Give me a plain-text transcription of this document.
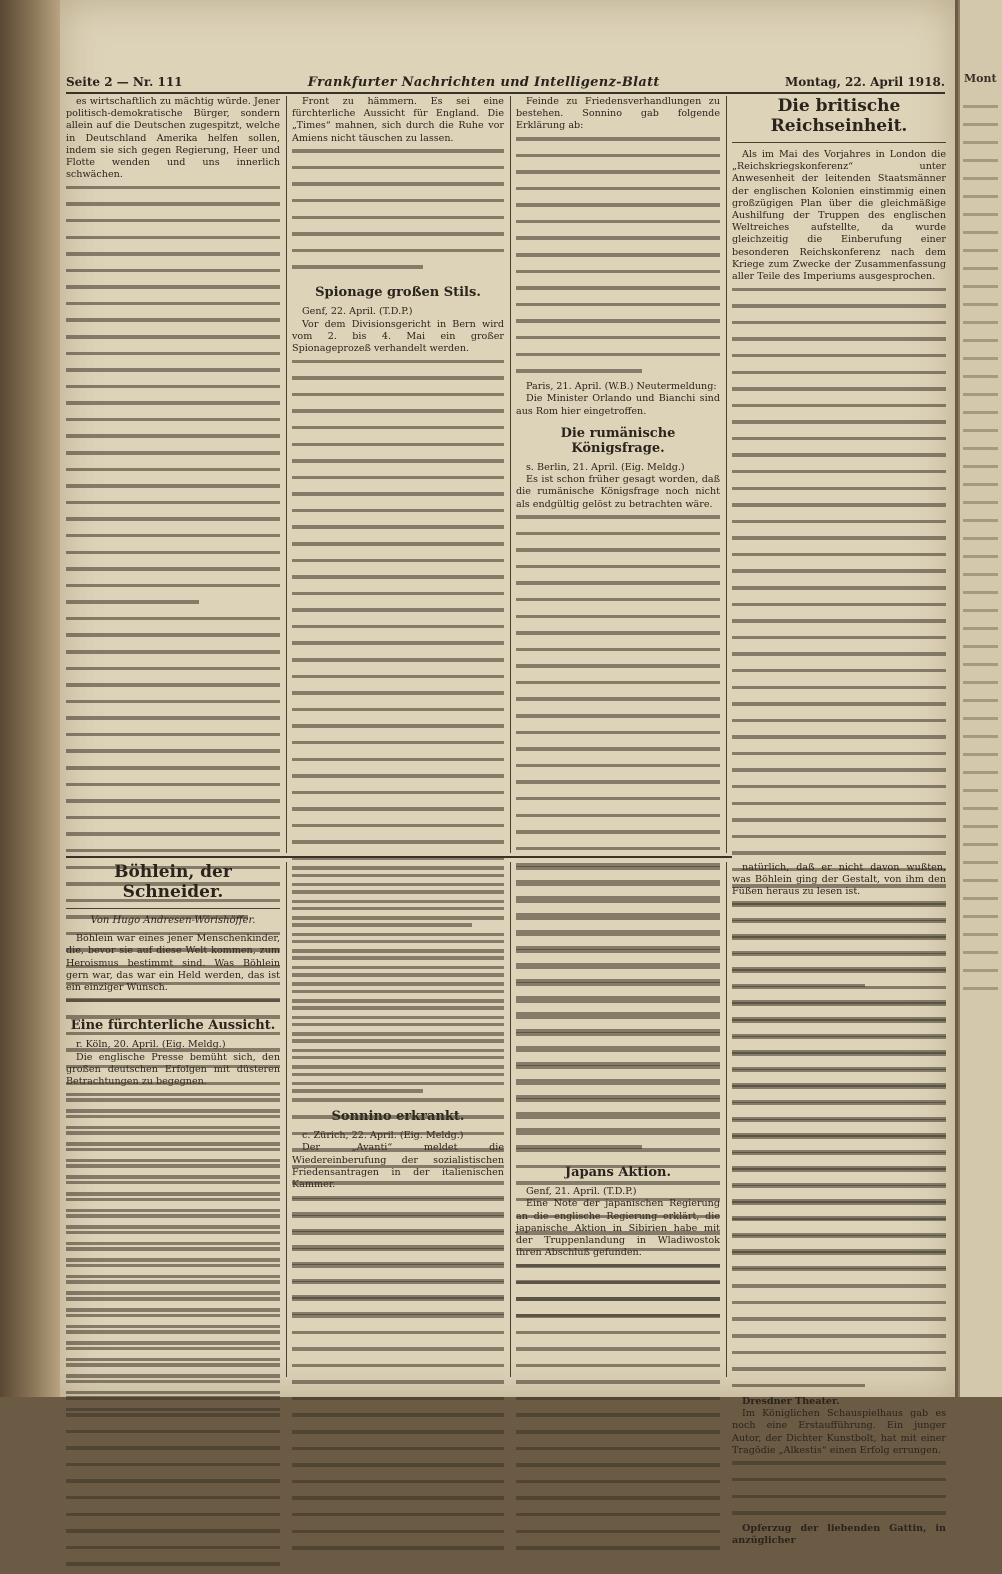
Seite 2 — Nr. 111	Frankfurter Nachrichten und Intelligenz-Blatt	Montag, 22. April 1918.

es wirtschaftlich zu mächtig würde. Jener politisch-demokratische Bürger, sondern allein auf die Deutschen zugespitzt, welche in Deutschland Amerika helfen sollen, indem sie sich gegen Regierung, Heer und Flotte wenden und uns innerlich schwächen.

Eine fürchterliche Aussicht.

r. Köln, 20. April. (Eig. Meldg.)

Die englische Presse bemüht sich, den großen deutschen Erfolgen mit düsteren Betrachtungen zu begegnen.

Front zu hämmern. Es sei eine fürchterliche Aussicht für England. Die „Times“ mahnen, sich durch die Ruhe vor Amiens nicht täuschen zu lassen.

Spionage großen Stils.

Genf, 22. April. (T.D.P.)

Vor dem Divisionsgericht in Bern wird vom 2. bis 4. Mai ein großer Spionageprozeß verhandelt werden.

Sonnino erkrankt.

c. Zürich, 22. April. (Eig. Meldg.)

Der „Avanti“ meldet die Wiedereinberufung der sozialistischen Friedensantragen in der italienischen Kammer.

Feinde zu Friedensverhandlungen zu bestehen. Sonnino gab folgende Erklärung ab:

Paris, 21. April. (W.B.) Neutermeldung:

Die Minister Orlando und Bianchi sind aus Rom hier eingetroffen.

Die rumänische Königsfrage.

s. Berlin, 21. April. (Eig. Meldg.)

Es ist schon früher gesagt worden, daß die rumänische Königsfrage noch nicht als endgültig gelöst zu betrachten wäre.

Japans Aktion.

Genf, 21. April. (T.D.P.)

Eine Note der japanischen Regierung an die englische Regierung erklärt, die japanische Aktion in Sibirien habe mit der Truppenlandung in Wladiwostok ihren Abschluß gefunden.

Die britische Reichseinheit.

Als im Mai des Vorjahres in London die „Reichskriegskonferenz“ unter Anwesenheit der leitenden Staatsmänner der englischen Kolonien einstimmig einen großzügigen Plan über die gleichmäßige Aushilfung der Truppen des englischen Weltreiches aufstellte, da wurde gleichzeitig die Einberufung einer besonderen Reichskonferenz nach dem Kriege zum Zwecke der Zusammenfassung aller Teile des Imperiums ausgesprochen.

Böhlein, der Schneider.
Von Hugo Andresen-Wörishöffer.

Böhlein war eines jener Menschenkinder, die, bevor sie auf diese Welt kommen, zum Heroismus bestimmt sind. Was Böhlein gern war, das war ein Held werden, das ist ein einziger Wunsch.

natürlich, daß er nicht davon wußten, was Böhlein ging der Gestalt, von ihm den Füßen heraus zu lesen ist.

Dresdner Theater.

Im Königlichen Schauspielhaus gab es noch eine Erstaufführung. Ein junger Autor, der Dichter Kunstbolt, hat mit einer Tragödie „Alkestis“ einen Erfolg errungen.

Opferzug der liebenden Gattin, in anzüglicher

Mont
